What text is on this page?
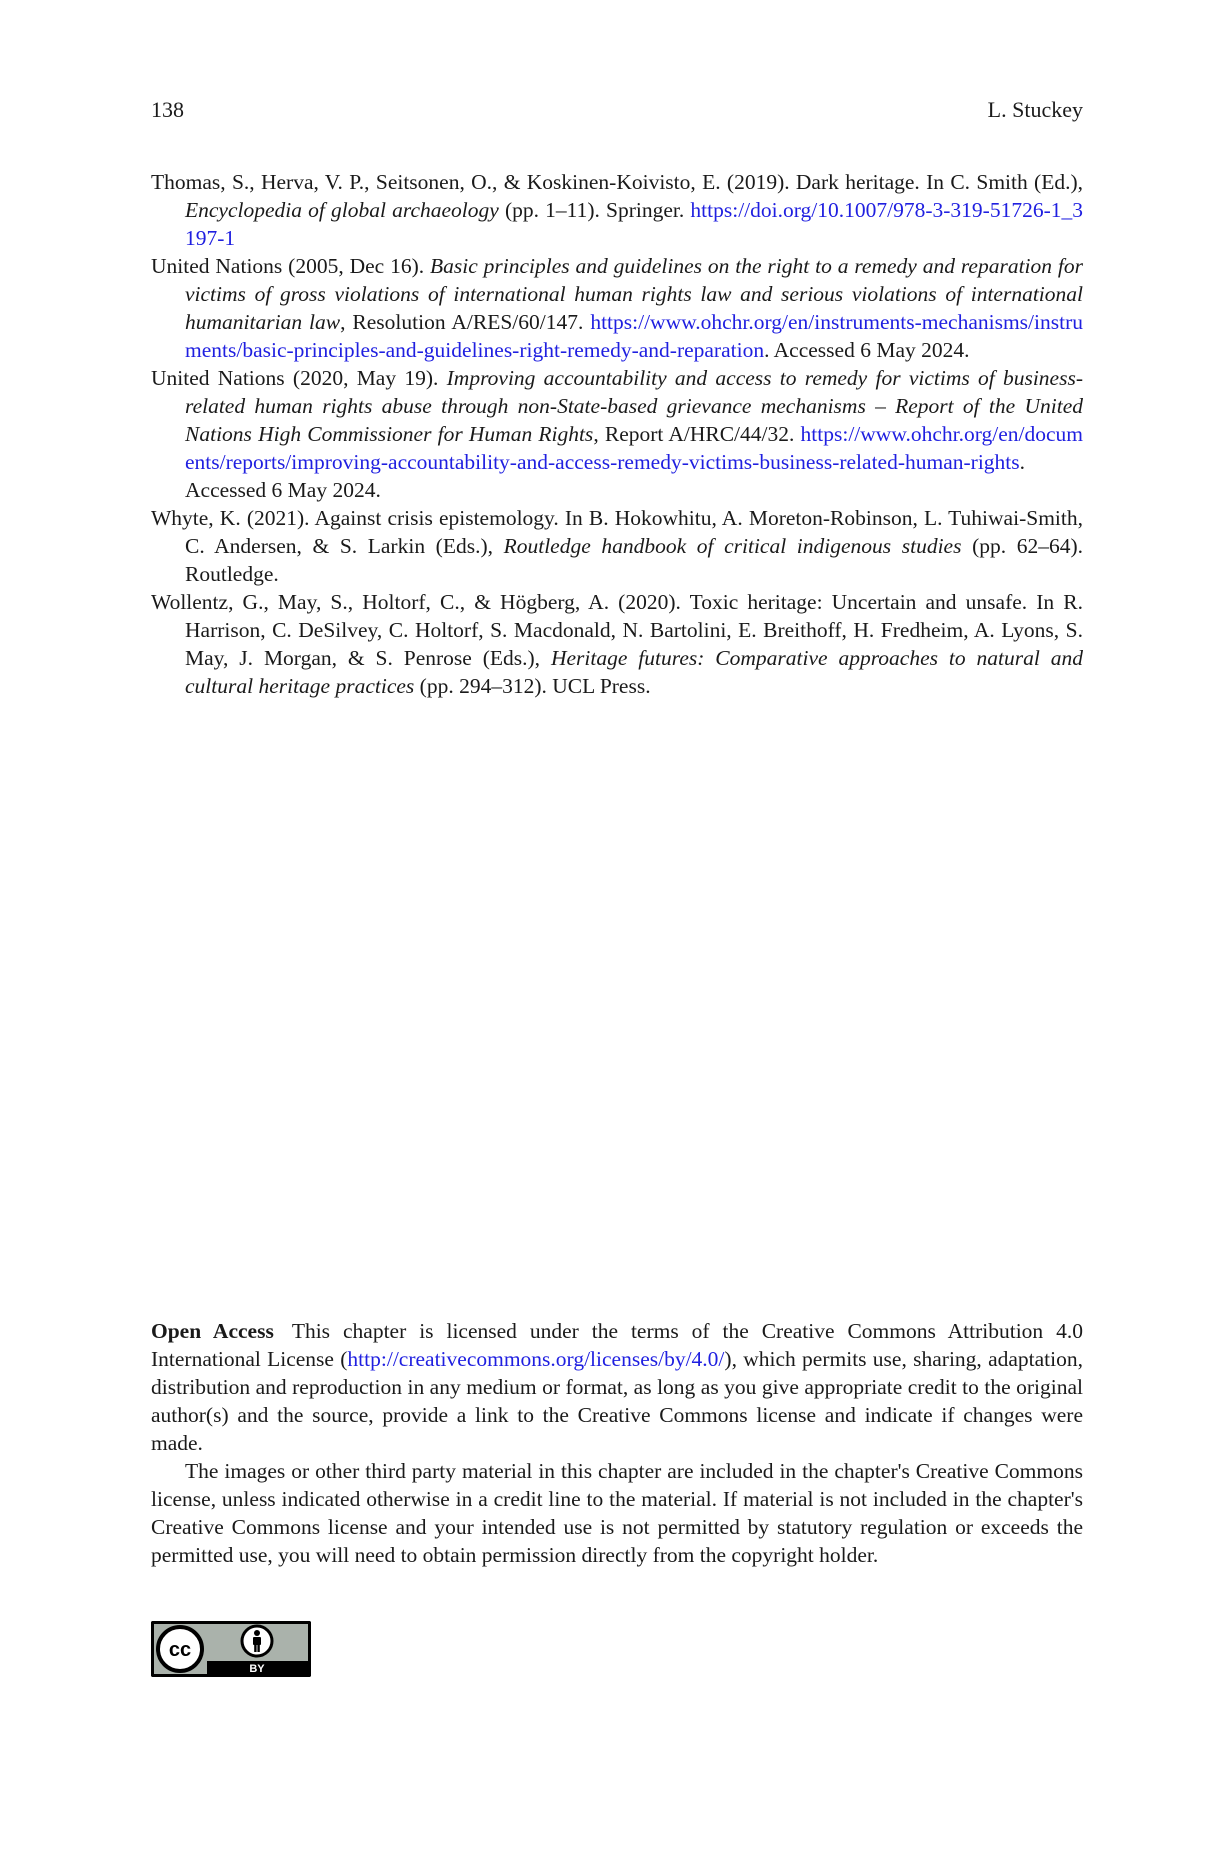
138	L. Stuckey

Thomas, S., Herva, V. P., Seitsonen, O., & Koskinen-Koivisto, E. (2019). Dark heritage. In C. Smith (Ed.), Encyclopedia of global archaeology (pp. 1–11). Springer. https://doi.org/10.1007/978-3-319-51726-1_3197-1

United Nations (2005, Dec 16). Basic principles and guidelines on the right to a remedy and reparation for victims of gross violations of international human rights law and serious violations of international humanitarian law, Resolution A/RES/60/147. https://www.ohchr.org/en/instruments-mechanisms/instruments/basic-principles-and-guidelines-right-remedy-and-reparation. Accessed 6 May 2024.

United Nations (2020, May 19). Improving accountability and access to remedy for victims of business-related human rights abuse through non-State-based grievance mechanisms – Report of the United Nations High Commissioner for Human Rights, Report A/HRC/44/32. https://www.ohchr.org/en/documents/reports/improving-accountability-and-access-remedy-victims-business-related-human-rights. Accessed 6 May 2024.

Whyte, K. (2021). Against crisis epistemology. In B. Hokowhitu, A. Moreton-Robinson, L. Tuhiwai-Smith, C. Andersen, & S. Larkin (Eds.), Routledge handbook of critical indigenous studies (pp. 62–64). Routledge.

Wollentz, G., May, S., Holtorf, C., & Högberg, A. (2020). Toxic heritage: Uncertain and unsafe. In R. Harrison, C. DeSilvey, C. Holtorf, S. Macdonald, N. Bartolini, E. Breithoff, H. Fredheim, A. Lyons, S. May, J. Morgan, & S. Penrose (Eds.), Heritage futures: Comparative approaches to natural and cultural heritage practices (pp. 294–312). UCL Press.

Open Access This chapter is licensed under the terms of the Creative Commons Attribution 4.0 International License (http://creativecommons.org/licenses/by/4.0/), which permits use, sharing, adaptation, distribution and reproduction in any medium or format, as long as you give appropriate credit to the original author(s) and the source, provide a link to the Creative Commons license and indicate if changes were made.

The images or other third party material in this chapter are included in the chapter's Creative Commons license, unless indicated otherwise in a credit line to the material. If material is not included in the chapter's Creative Commons license and your intended use is not permitted by statutory regulation or exceeds the permitted use, you will need to obtain permission directly from the copyright holder.

cc
BY
